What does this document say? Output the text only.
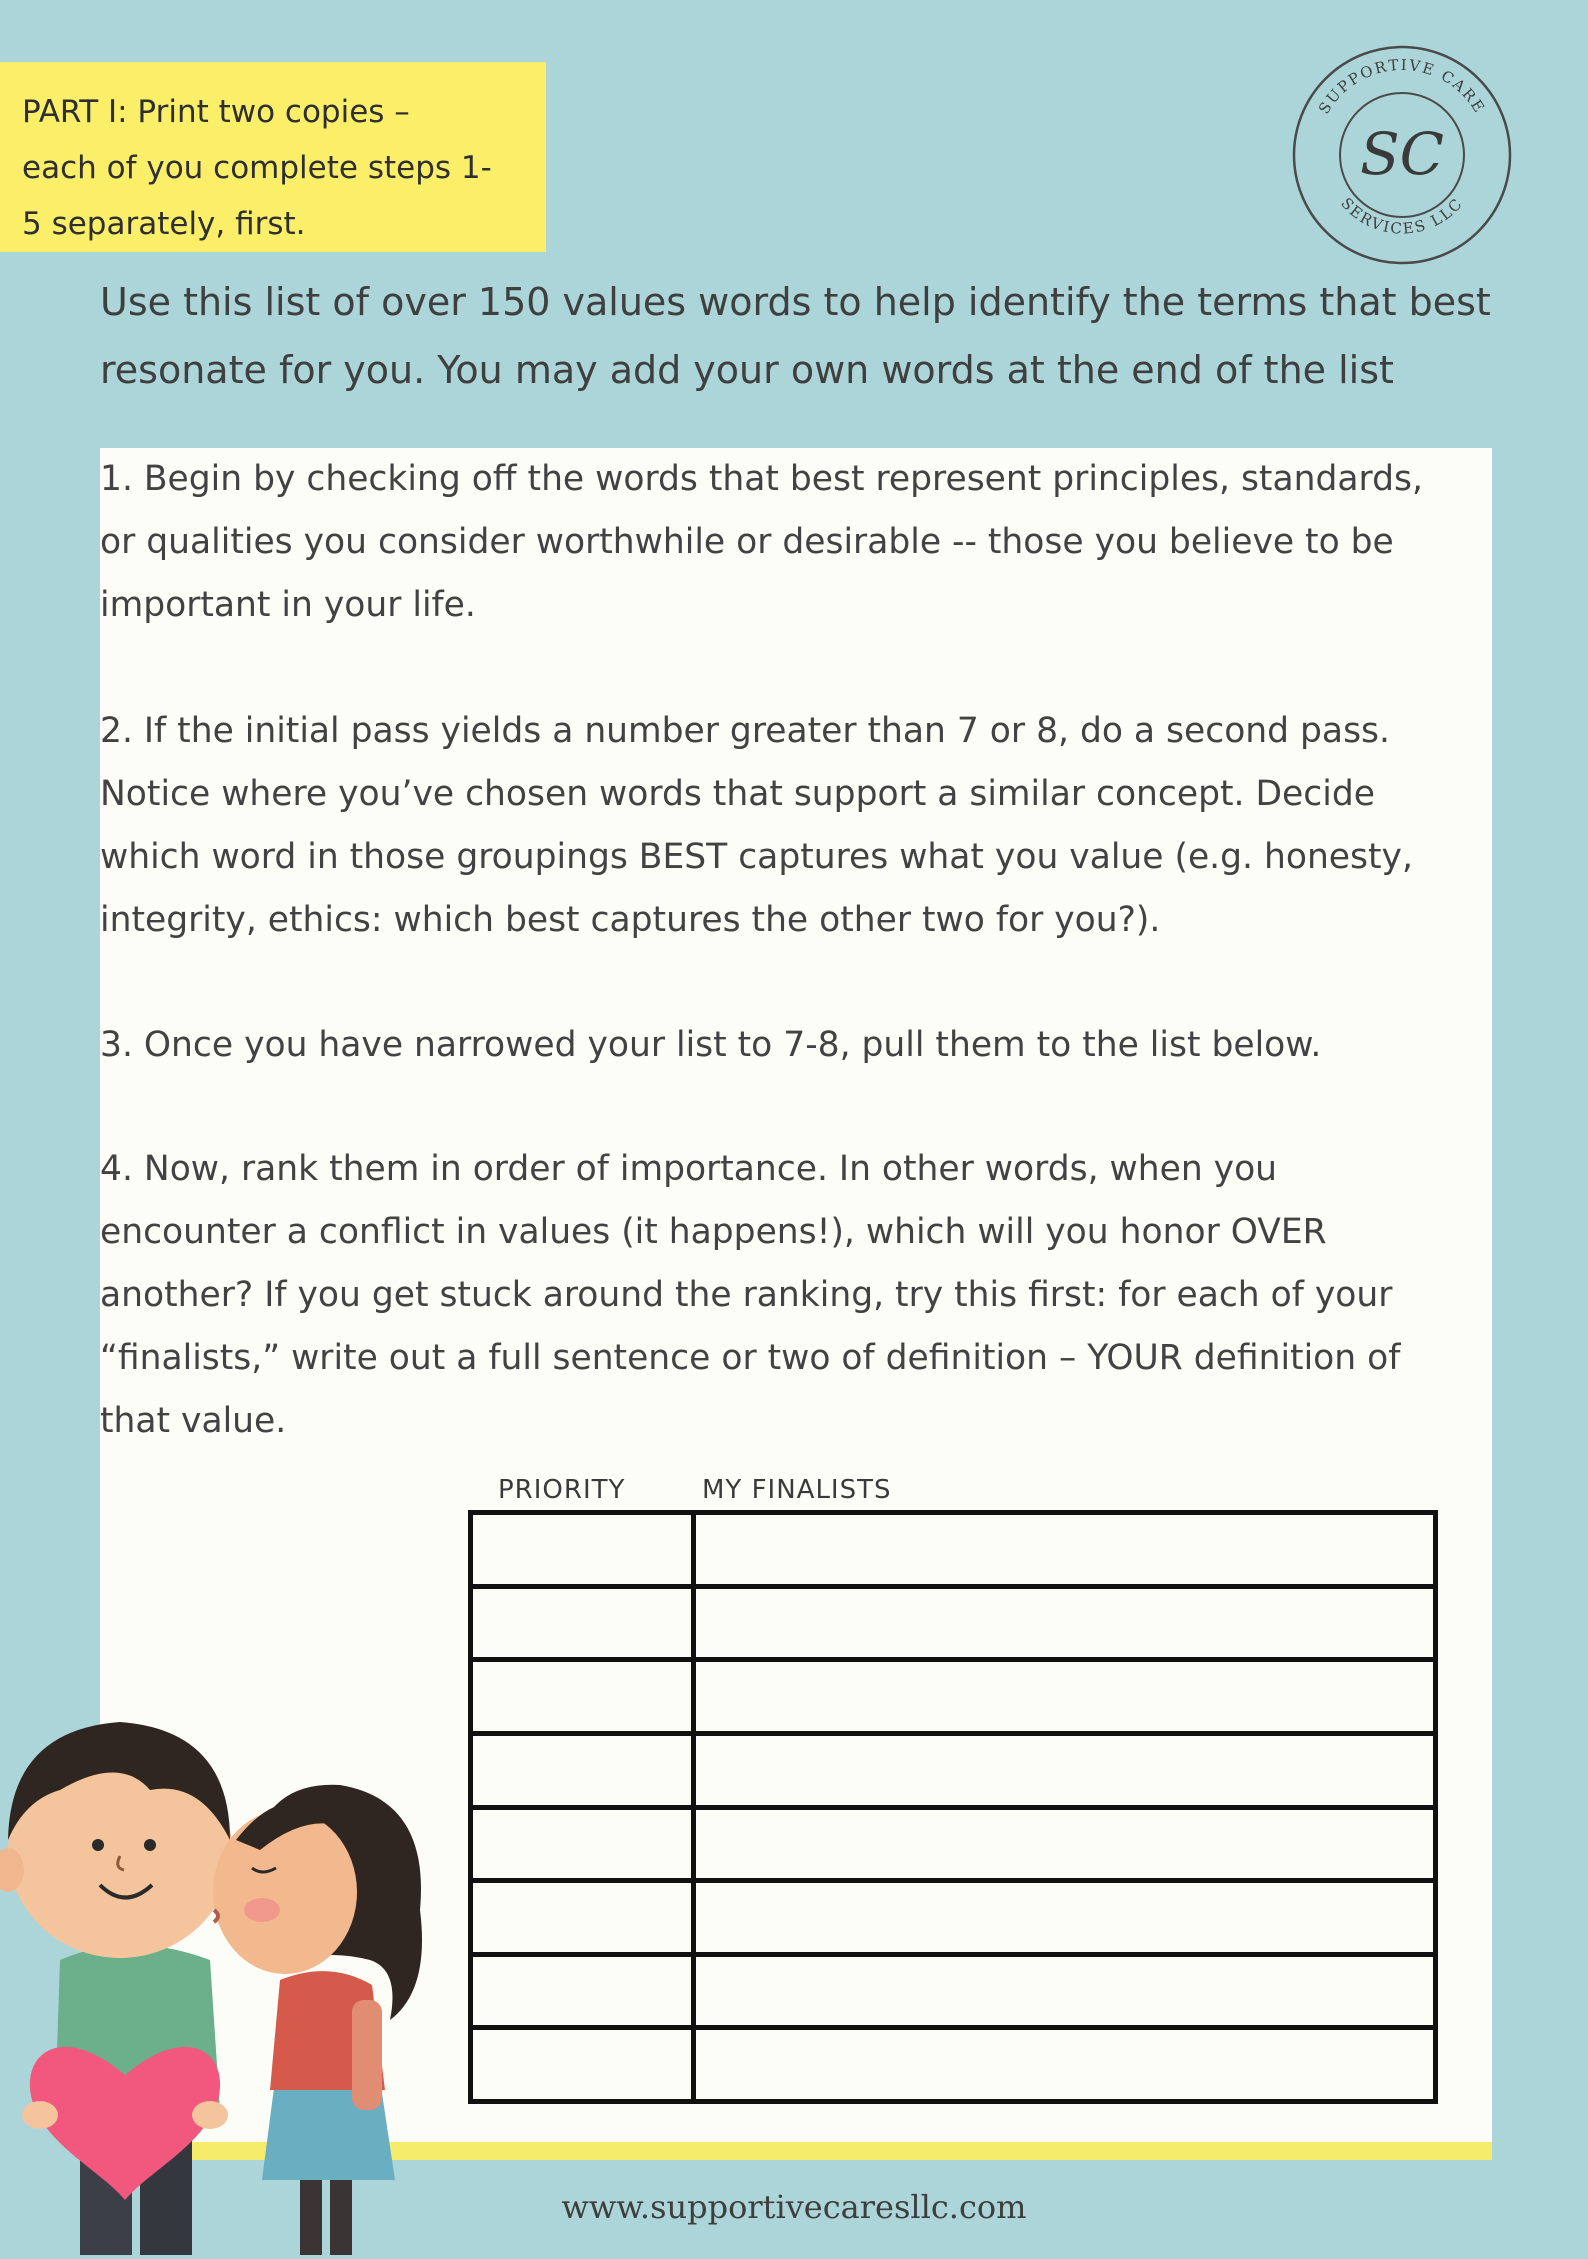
PART I: Print two copies –
each of you complete steps 1-
5 separately, first.
SUPPORTIVE CARE
SERVICES LLC
SC
Use this list of over 150 values words to help identify the terms that best
resonate for you. You may add your own words at the end of the list
1. Begin by checking off the words that best represent principles, standards,
or qualities you consider worthwhile or desirable -- those you believe to be
important in your life.
2. If the initial pass yields a number greater than 7 or 8, do a second pass.
Notice where you’ve chosen words that support a similar concept. Decide
which word in those groupings BEST captures what you value (e.g. honesty,
integrity, ethics: which best captures the other two for you?).
3. Once you have narrowed your list to 7-8, pull them to the list below.
4. Now, rank them in order of importance. In other words, when you
encounter a conflict in values (it happens!), which will you honor OVER
another? If you get stuck around the ranking, try this first: for each of your
“finalists,” write out a full sentence or two of definition – YOUR definition of
that value.
PRIORITY	MY FINALISTS

www.supportivecaresllc.com
